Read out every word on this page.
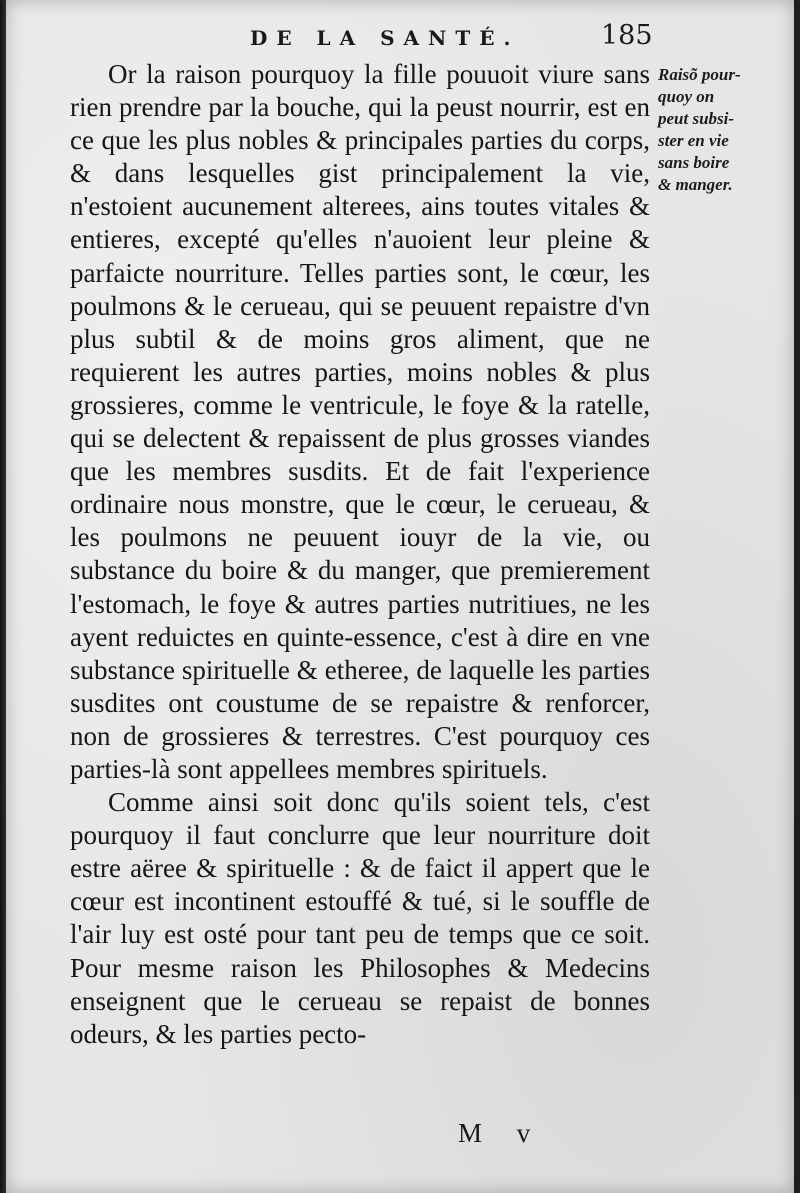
DE LA SANTÉ.	185

Or la raison pourquoy la fille pouuoit viure sans rien prendre par la bouche, qui la peust nourrir, est en ce que les plus nobles & principales parties du corps, & dans lesquelles gist principalement la vie, n'estoient aucunement alterees, ains toutes vitales & entieres, excepté qu'elles n'auoient leur pleine & parfaicte nourriture. Telles parties sont, le cœur, les poulmons & le cerueau, qui se peuuent repaistre d'vn plus subtil & de moins gros aliment, que ne requierent les autres parties, moins nobles & plus grossieres, comme le ventricule, le foye & la ratelle, qui se delectent & repaissent de plus grosses viandes que les membres susdits. Et de fait l'experience ordinaire nous monstre, que le cœur, le cerueau, & les poulmons ne peuuent iouyr de la vie, ou substance du boire & du manger, que premierement l'estomach, le foye & autres parties nutritiues, ne les ayent reduictes en quinte-essence, c'est à dire en vne substance spirituelle & etheree, de laquelle les parties susdites ont coustume de se repaistre & renforcer, non de grossieres & terrestres. C'est pourquoy ces parties-là sont appellees membres spirituels.

Comme ainsi soit donc qu'ils soient tels, c'est pourquoy il faut conclurre que leur nourriture doit estre aëree & spirituelle : & de faict il appert que le cœur est incontinent estouffé & tué, si le souffle de l'air luy est osté pour tant peu de temps que ce soit. Pour mesme raison les Philosophes & Medecins enseignent que le cerueau se repaist de bonnes odeurs, & les parties pecto-

Raisõ pour-
quoy on
peut subsi-
ster en vie
sans boire
& manger.
M v
